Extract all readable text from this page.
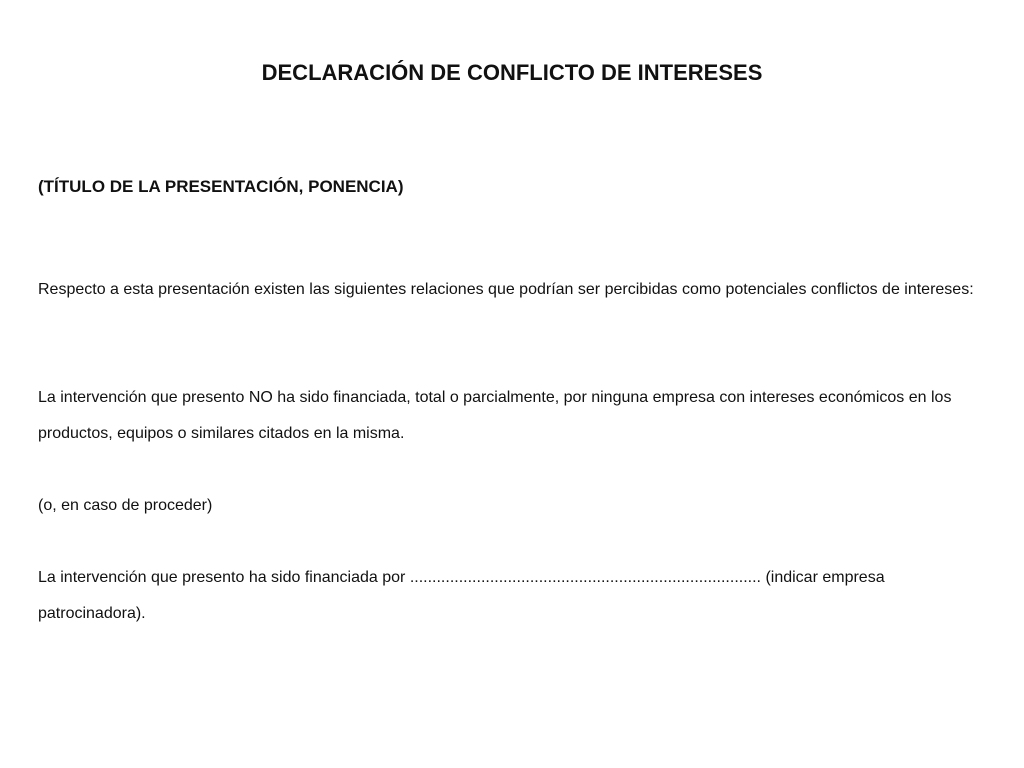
DECLARACIÓN DE CONFLICTO DE INTERESES
(TÍTULO DE LA PRESENTACIÓN, PONENCIA)

Respecto a esta presentación existen las siguientes relaciones que podrían ser percibidas como potenciales conflictos de intereses:

La intervención que presento NO ha sido financiada, total o parcialmente, por ninguna empresa con intereses económicos en los productos, equipos o similares citados en la misma.

(o, en caso de proceder)

La intervención que presento ha sido financiada por ............................................................................... (indicar empresa patrocinadora).
